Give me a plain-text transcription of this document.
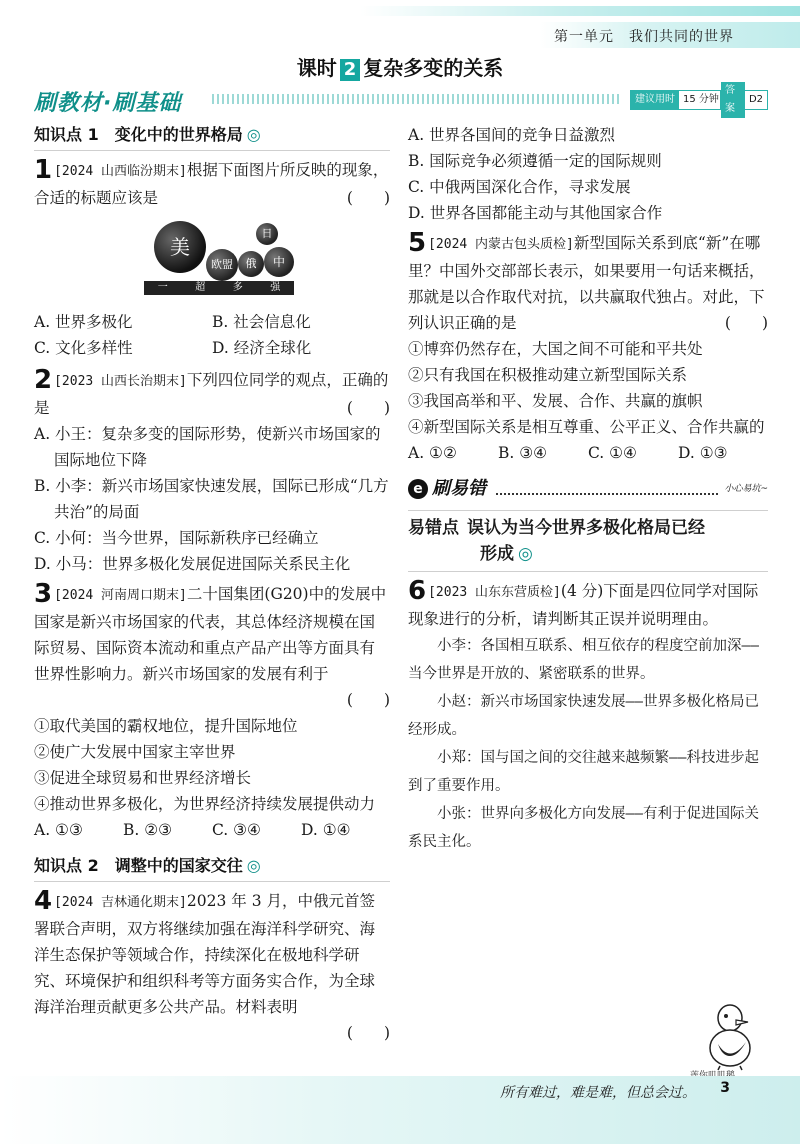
第一单元　我们共同的世界
课时 2 复杂多变的关系
刷教材·刷基础	建议用时 15 分钟
答案
D2
知识点 1　变化中的世界格局 ◎
1 [2024 山西临汾期末]根据下面图片所反映的现象，合适的标题应该是	(　　)
美
欧盟
日
俄	中
一	超	多	强
A. 世界多极化	B. 社会信息化
C. 文化多样性	D. 经济全球化
2 [2023 山西长治期末]下列四位同学的观点，正确的是	(　　)
A. 小王：复杂多变的国际形势，使新兴市场国家的国际地位下降
B. 小李：新兴市场国家快速发展，国际已形成“几方共治”的局面
C. 小何：当今世界，国际新秩序已经确立
D. 小马：世界多极化发展促进国际关系民主化
3 [2024 河南周口期末]二十国集团(G20)中的发展中国家是新兴市场国家的代表，其总体经济规模在国际贸易、国际资本流动和重点产品产出等方面具有世界性影响力。新兴市场国家的发展有利于
(　　)
①取代美国的霸权地位，提升国际地位
②使广大发展中国家主宰世界
③促进全球贸易和世界经济增长
④推动世界多极化，为世界经济持续发展提供动力
A. ①③	B. ②③	C. ③④	D. ①④
知识点 2　调整中的国家交往 ◎
4 [2024 吉林通化期末]2023 年 3 月，中俄元首签署联合声明，双方将继续加强在海洋科学研究、海洋生态保护等领域合作，持续深化在极地科学研究、环境保护和组织科考等方面务实合作，为全球海洋治理贡献更多公共产品。材料表明
(　　)
A. 世界各国间的竞争日益激烈
B. 国际竞争必须遵循一定的国际规则
C. 中俄两国深化合作，寻求发展
D. 世界各国都能主动与其他国家合作
5 [2024 内蒙古包头质检]新型国际关系到底“新”在哪里？中国外交部部长表示，如果要用一句话来概括，那就是以合作取代对抗，以共赢取代独占。对此，下列认识正确的是	(　　)
①博弈仍然存在，大国之间不可能和平共处
②只有我国在积极推动建立新型国际关系
③我国高举和平、发展、合作、共赢的旗帜
④新型国际关系是相互尊重、公平正义、合作共赢的
A. ①②	B. ③④	C. ①④	D. ①③
e 刷易错	小心易坑~
易错点 误认为当今世界多极化格局已经
形成 ◎
6 [2023 山东东营质检](4 分)下面是四位同学对国际现象进行的分析，请判断其正误并说明理由。

小李：各国相互联系、相互依存的程度空前加深——当今世界是开放的、紧密联系的世界。

小赵：新兴市场国家快速发展——世界多极化格局已经形成。

小郑：国与国之间的交往越来越频繁——科技进步起到了重要作用。

小张：世界向多极化方向发展——有利于促进国际关系民主化。

所有难过，难是难，但总会过。 3
